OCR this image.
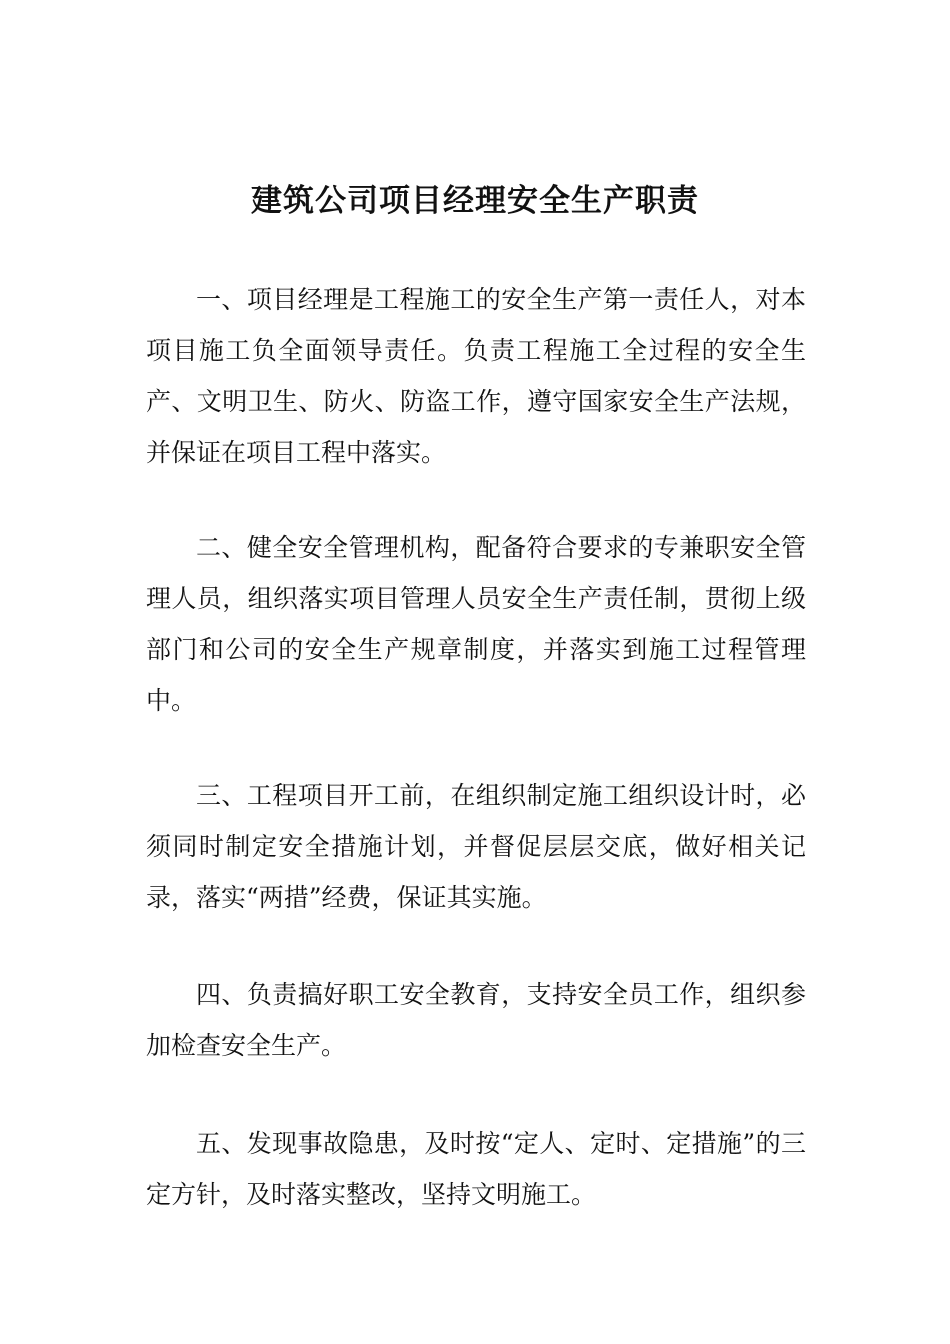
建筑公司项目经理安全生产职责

一、项目经理是工程施工的安全生产第一责任人，对本项目施工负全面领导责任。负责工程施工全过程的安全生产、文明卫生、防火、防盗工作，遵守国家安全生产法规，并保证在项目工程中落实。

二、健全安全管理机构，配备符合要求的专兼职安全管理人员，组织落实项目管理人员安全生产责任制，贯彻上级部门和公司的安全生产规章制度，并落实到施工过程管理中。

三、工程项目开工前，在组织制定施工组织设计时，必须同时制定安全措施计划，并督促层层交底，做好相关记录，落实“两措”经费，保证其实施。

四、负责搞好职工安全教育，支持安全员工作，组织参加检查安全生产。

五、发现事故隐患，及时按“定人、定时、定措施”的三定方针，及时落实整改，坚持文明施工。
